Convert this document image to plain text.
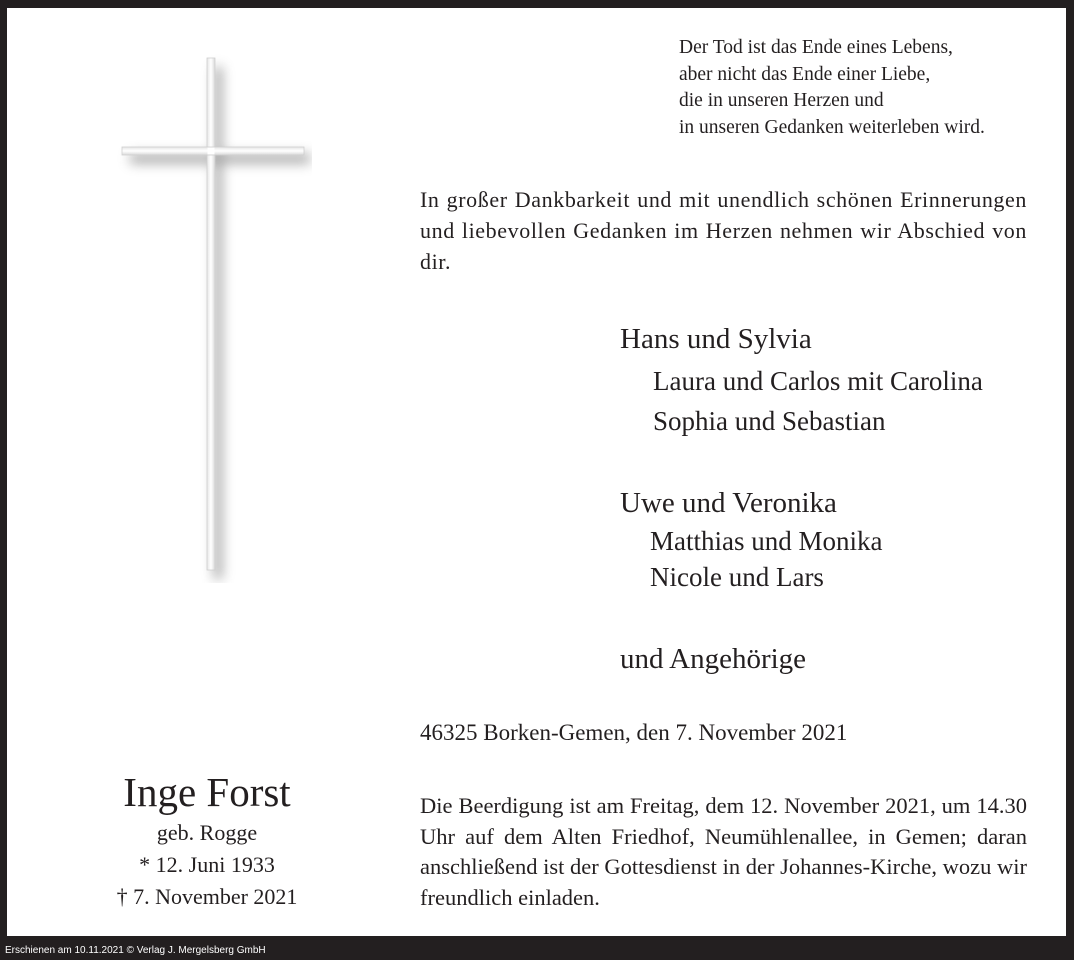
Der Tod ist das Ende eines Lebens,
aber nicht das Ende einer Liebe,
die in unseren Herzen und
in unseren Gedanken weiterleben wird.
In großer Dankbarkeit und mit unendlich schönen Erinnerungen und liebevollen Gedanken im Herzen nehmen wir Abschied von dir.
Hans und Sylvia
Laura und Carlos mit Carolina
Sophia und Sebastian
Uwe und Veronika
Matthias und Monika
Nicole und Lars
und Angehörige
46325 Borken-Gemen, den 7. November 2021
Die Beerdigung ist am Freitag, dem 12. November 2021, um 14.30 Uhr auf dem Alten Friedhof, Neumühlenallee, in Gemen; daran anschließend ist der Gottesdienst in der Johannes-Kirche, wozu wir freundlich einladen.
Inge Forst
geb. Rogge
* 12. Juni 1933
† 7. November 2021
Erschienen am 10.11.2021 © Verlag J. Mergelsberg GmbH
